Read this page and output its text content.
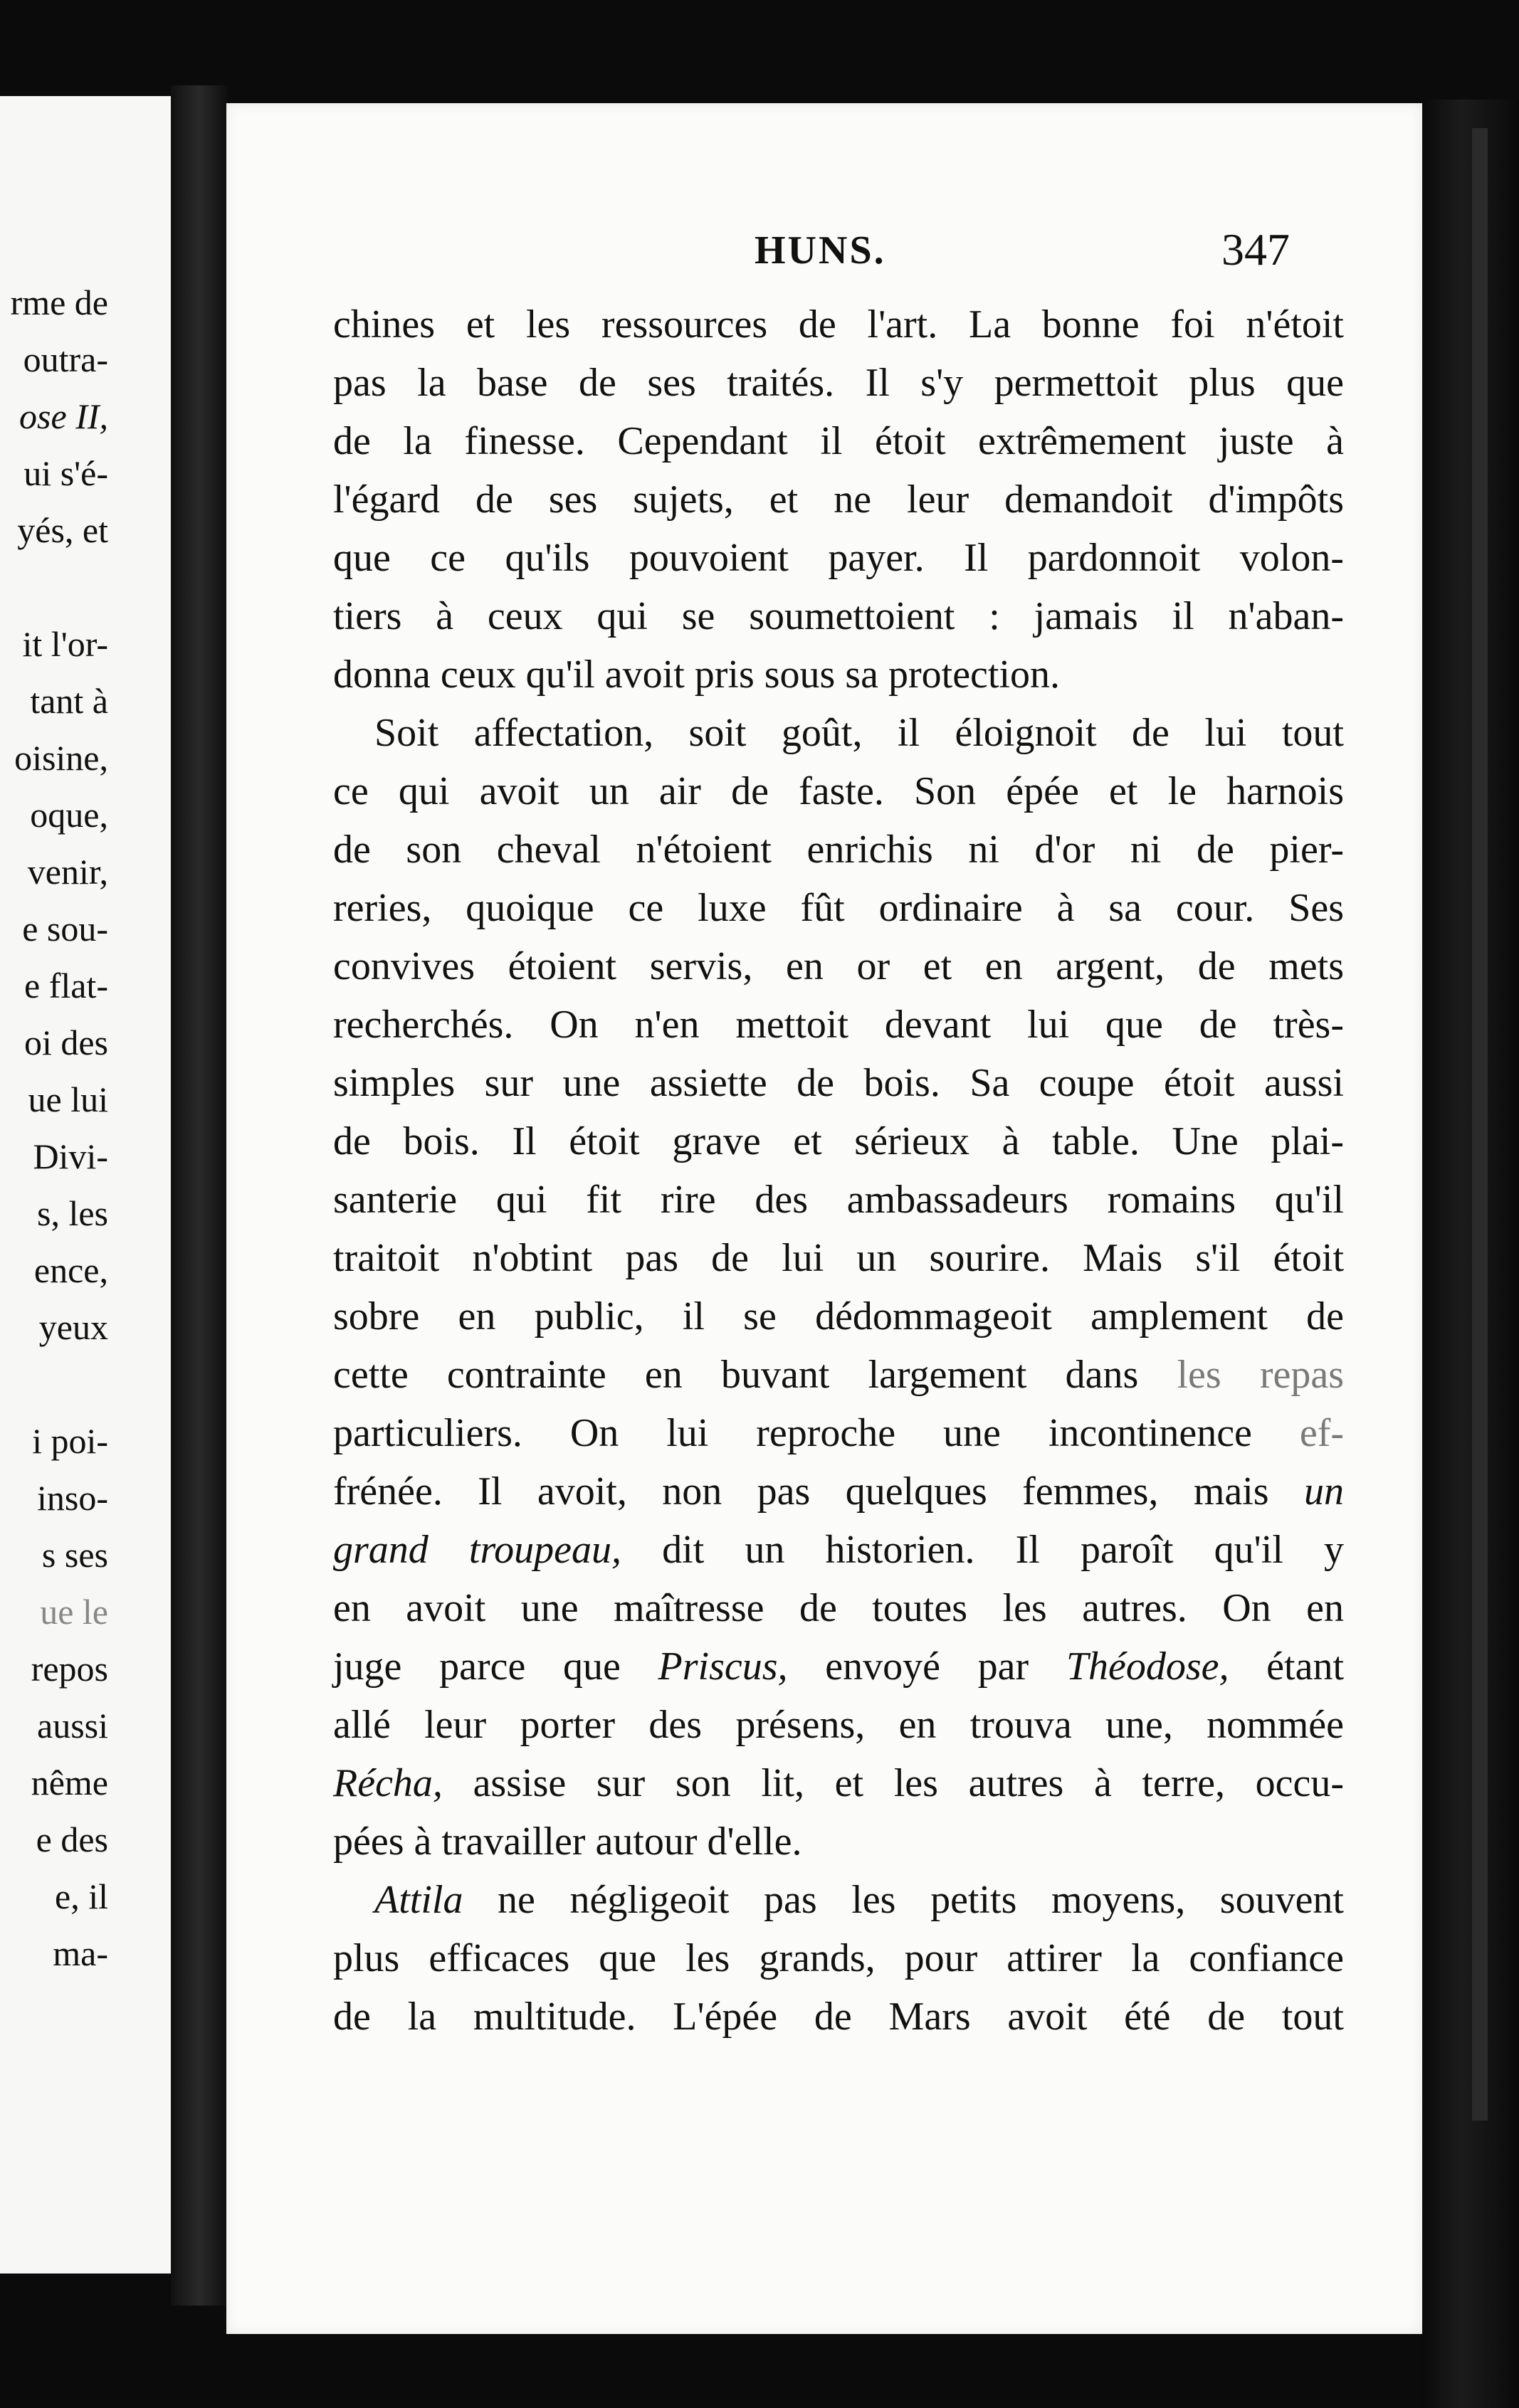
rme de
outra-
ose II,
ui s'é-
yés, et
it l'or-
tant à
oisine,
oque,
venir,
e sou-
e flat-
oi des
ue lui
Divi-
s, les
ence,
yeux
i poi-
inso-
s ses
ue le
repos
aussi
nême
e des
e, il
ma-
HUNS.	347
chines et les ressources de l'art. La bonne foi n'étoit
pas la base de ses traités. Il s'y permettoit plus que
de la finesse. Cependant il étoit extrêmement juste à
l'égard de ses sujets, et ne leur demandoit d'impôts
que ce qu'ils pouvoient payer. Il pardonnoit volon-
tiers à ceux qui se soumettoient : jamais il n'aban-
donna ceux qu'il avoit pris sous sa protection.
Soit affectation, soit goût, il éloignoit de lui tout
ce qui avoit un air de faste. Son épée et le harnois
de son cheval n'étoient enrichis ni d'or ni de pier-
reries, quoique ce luxe fût ordinaire à sa cour. Ses
convives étoient servis, en or et en argent, de mets
recherchés. On n'en mettoit devant lui que de très-
simples sur une assiette de bois. Sa coupe étoit aussi
de bois. Il étoit grave et sérieux à table. Une plai-
santerie qui fit rire des ambassadeurs romains qu'il
traitoit n'obtint pas de lui un sourire. Mais s'il étoit
sobre en public, il se dédommageoit amplement de
cette contrainte en buvant largement dans les repas
particuliers. On lui reproche une incontinence ef-
frénée. Il avoit, non pas quelques femmes, mais un
grand troupeau, dit un historien. Il paroît qu'il y
en avoit une maîtresse de toutes les autres. On en
juge parce que Priscus, envoyé par Théodose, étant
allé leur porter des présens, en trouva une, nommée
Récha, assise sur son lit, et les autres à terre, occu-
pées à travailler autour d'elle.
Attila ne négligeoit pas les petits moyens, souvent
plus efficaces que les grands, pour attirer la confiance
de la multitude. L'épée de Mars avoit été de tout
